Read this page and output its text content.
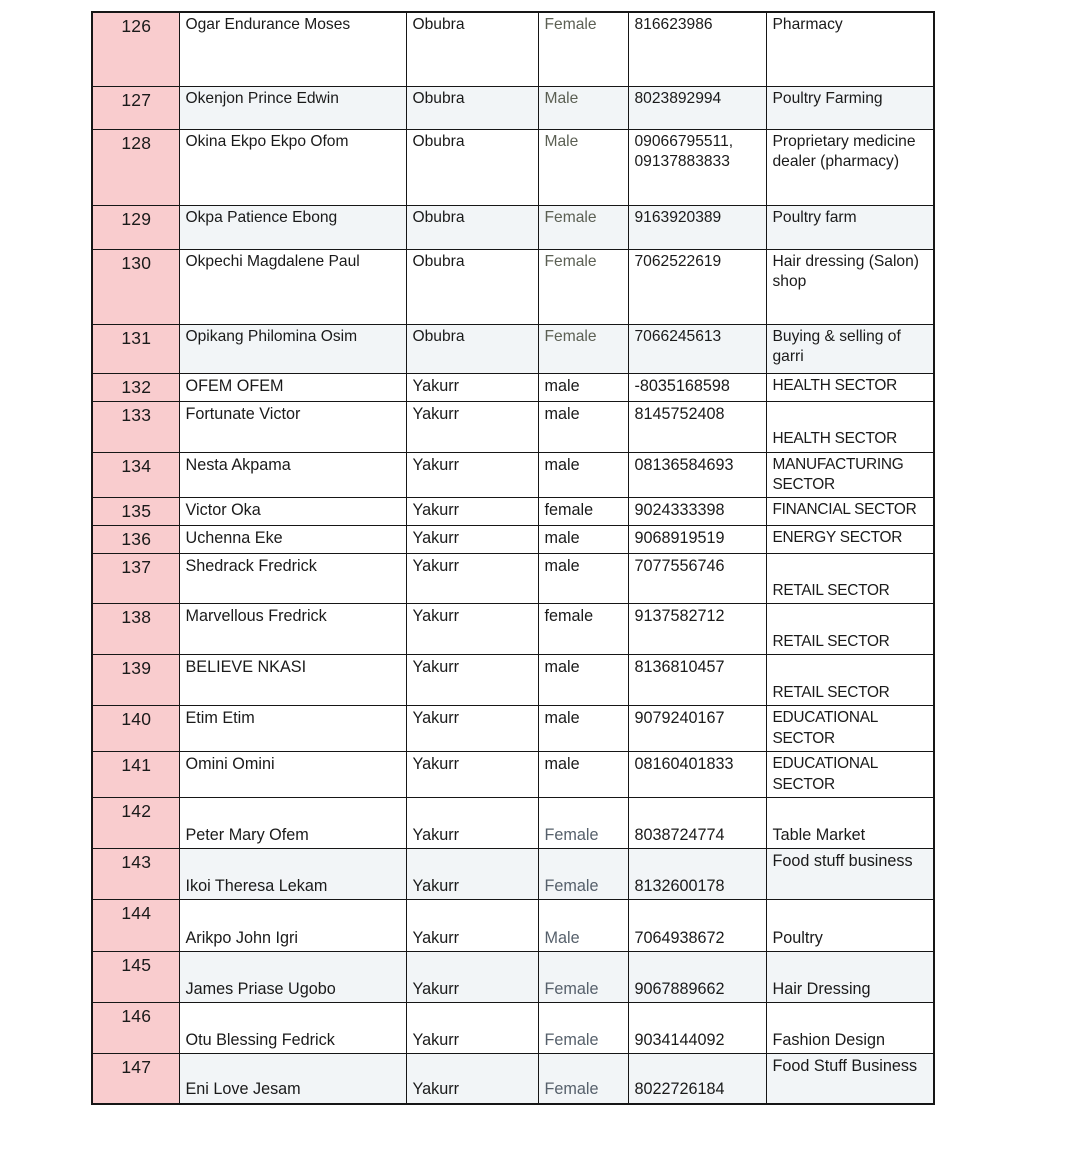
126	Ogar Endurance Moses	Obubra	Female	816623986	Pharmacy
127	Okenjon Prince Edwin	Obubra	Male	8023892994	Poultry Farming
128	Okina Ekpo Ekpo Ofom	Obubra	Male	09066795511, 09137883833	Proprietary medicine dealer (pharmacy)
129	Okpa Patience Ebong	Obubra	Female	9163920389	Poultry farm
130	Okpechi Magdalene Paul	Obubra	Female	7062522619	Hair dressing (Salon) shop
131	Opikang Philomina Osim	Obubra	Female	7066245613	Buying & selling of garri
132	OFEM OFEM	Yakurr	male	-8035168598	HEALTH SECTOR
133	Fortunate Victor	Yakurr	male	8145752408	HEALTH SECTOR
134	Nesta Akpama	Yakurr	male	08136584693	MANUFACTURING SECTOR
135	Victor Oka	Yakurr	female	9024333398	FINANCIAL SECTOR
136	Uchenna Eke	Yakurr	male	9068919519	ENERGY SECTOR
137	Shedrack Fredrick	Yakurr	male	7077556746	RETAIL SECTOR
138	Marvellous Fredrick	Yakurr	female	9137582712	RETAIL SECTOR
139	BELIEVE NKASI	Yakurr	male	8136810457	RETAIL SECTOR
140	Etim Etim	Yakurr	male	9079240167	EDUCATIONAL SECTOR
141	Omini Omini	Yakurr	male	08160401833	EDUCATIONAL SECTOR
142	Peter Mary Ofem	Yakurr	Female	8038724774	Table Market
143	Ikoi Theresa Lekam	Yakurr	Female	8132600178	Food stuff business
144	Arikpo John Igri	Yakurr	Male	7064938672	Poultry
145	James Priase Ugobo	Yakurr	Female	9067889662	Hair Dressing
146	Otu Blessing Fedrick	Yakurr	Female	9034144092	Fashion Design
147	Eni Love Jesam	Yakurr	Female	8022726184	Food Stuff Business
